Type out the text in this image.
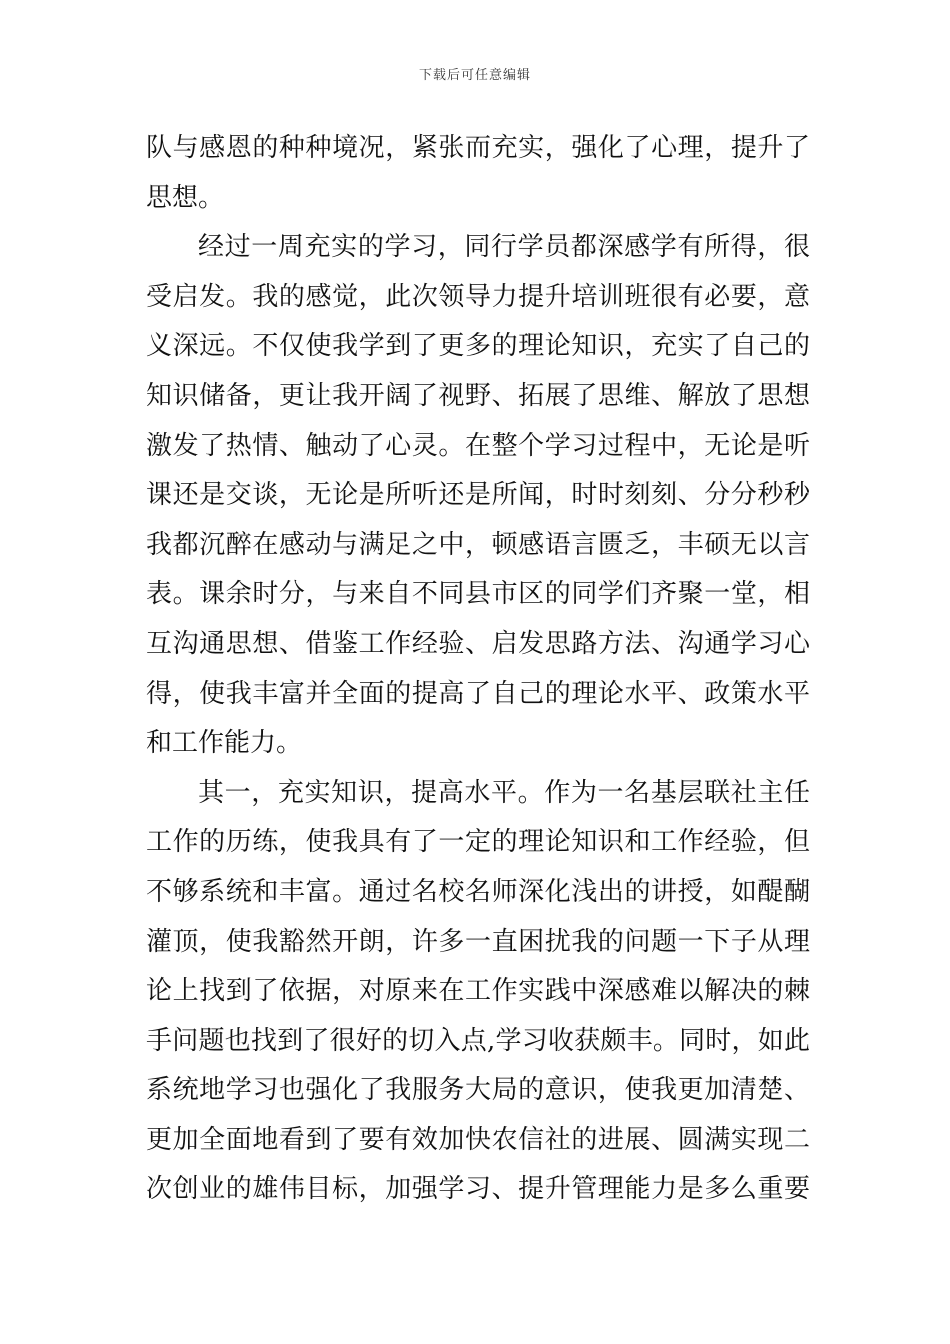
下载后可任意编辑
队与感恩的种种境况，紧张而充实，强化了心理，提升了
思想。
经过一周充实的学习，同行学员都深感学有所得，很
受启发。我的感觉，此次领导力提升培训班很有必要，意
义深远。不仅使我学到了更多的理论知识，充实了自己的
知识储备，更让我开阔了视野、拓展了思维、解放了思想
激发了热情、触动了心灵。在整个学习过程中，无论是听
课还是交谈，无论是所听还是所闻，时时刻刻、分分秒秒
我都沉醉在感动与满足之中，顿感语言匮乏，丰硕无以言
表。课余时分，与来自不同县市区的同学们齐聚一堂，相
互沟通思想、借鉴工作经验、启发思路方法、沟通学习心
得，使我丰富并全面的提高了自己的理论水平、政策水平
和工作能力。
其一，充实知识，提高水平。作为一名基层联社主任
工作的历练，使我具有了一定的理论知识和工作经验，但
不够系统和丰富。通过名校名师深化浅出的讲授，如醍醐
灌顶，使我豁然开朗，许多一直困扰我的问题一下子从理
论上找到了依据，对原来在工作实践中深感难以解决的棘
手问题也找到了很好的切入点,学习收获颇丰。同时，如此
系统地学习也强化了我服务大局的意识，使我更加清楚、
更加全面地看到了要有效加快农信社的进展、圆满实现二
次创业的雄伟目标，加强学习、提升管理能力是多么重要
